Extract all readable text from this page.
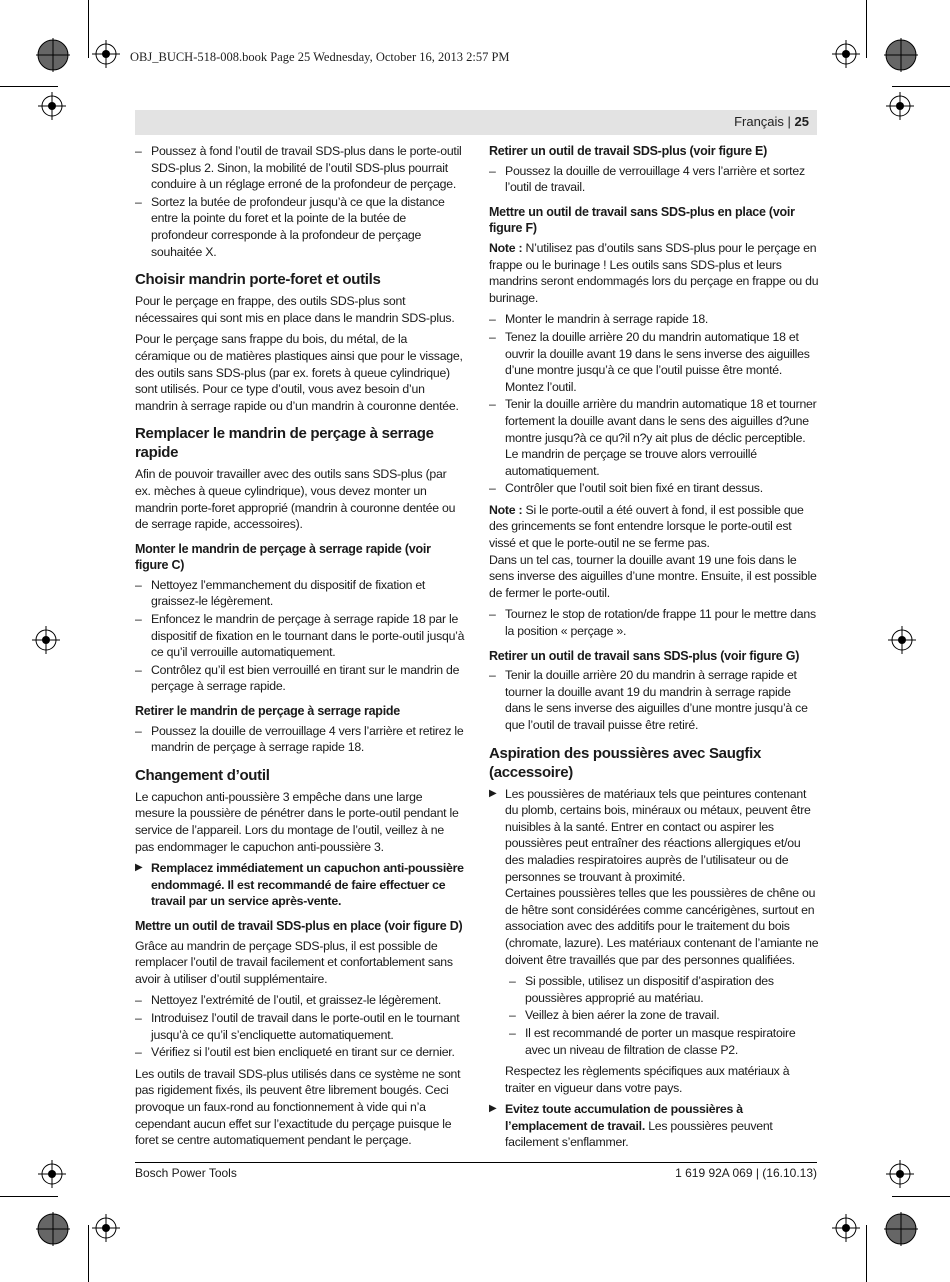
OBJ_BUCH-518-008.book Page 25 Wednesday, October 16, 2013 2:57 PM
Français | 25
– Poussez à fond l’outil de travail SDS-plus dans le porte-outil SDS-plus 2. Sinon, la mobilité de l’outil SDS-plus pourrait conduire à un réglage erroné de la profondeur de perçage.
– Sortez la butée de profondeur jusqu’à ce que la distance entre la pointe du foret et la pointe de la butée de profondeur corresponde à la profondeur de perçage souhaitée X.
Choisir mandrin porte-foret et outils

Pour le perçage en frappe, des outils SDS-plus sont nécessaires qui sont mis en place dans le mandrin SDS-plus.

Pour le perçage sans frappe du bois, du métal, de la céramique ou de matières plastiques ainsi que pour le vissage, des outils sans SDS-plus (par ex. forets à queue cylindrique) sont utilisés. Pour ce type d’outil, vous avez besoin d’un mandrin à serrage rapide ou d’un mandrin à couronne dentée.

Remplacer le mandrin de perçage à serrage rapide

Afin de pouvoir travailler avec des outils sans SDS-plus (par ex. mèches à queue cylindrique), vous devez monter un mandrin porte-foret approprié (mandrin à couronne dentée ou de serrage rapide, accessoires).

Monter le mandrin de perçage à serrage rapide (voir figure C)
– Nettoyez l’emmanchement du dispositif de fixation et graissez-le légèrement.
– Enfoncez le mandrin de perçage à serrage rapide 18 par le dispositif de fixation en le tournant dans le porte-outil jusqu’à ce qu’il verrouille automatiquement.
– Contrôlez qu’il est bien verrouillé en tirant sur le mandrin de perçage à serrage rapide.
Retirer le mandrin de perçage à serrage rapide
– Poussez la douille de verrouillage 4 vers l’arrière et retirez le mandrin de perçage à serrage rapide 18.
Changement d’outil

Le capuchon anti-poussière 3 empêche dans une large mesure la poussière de pénétrer dans le porte-outil pendant le service de l’appareil. Lors du montage de l’outil, veillez à ne pas endommager le capuchon anti-poussière 3.

▶ Remplacez immédiatement un capuchon anti-poussière endommagé. Il est recommandé de faire effectuer ce travail par un service après-vente.
Mettre un outil de travail SDS-plus en place (voir figure D)

Grâce au mandrin de perçage SDS-plus, il est possible de remplacer l’outil de travail facilement et confortablement sans avoir à utiliser d’outil supplémentaire.

– Nettoyez l’extrémité de l’outil, et graissez-le légèrement.
– Introduisez l’outil de travail dans le porte-outil en le tournant jusqu’à ce qu’il s’encliquette automatiquement.
– Vérifiez si l’outil est bien encliqueté en tirant sur ce dernier.

Les outils de travail SDS-plus utilisés dans ce système ne sont pas rigidement fixés, ils peuvent être librement bougés. Ceci provoque un faux-rond au fonctionnement à vide qui n’a cependant aucun effet sur l’exactitude du perçage puisque le foret se centre automatiquement pendant le perçage.

Retirer un outil de travail SDS-plus (voir figure E)
– Poussez la douille de verrouillage 4 vers l’arrière et sortez l’outil de travail.
Mettre un outil de travail sans SDS-plus en place (voir figure F)

Note : N’utilisez pas d’outils sans SDS-plus pour le perçage en frappe ou le burinage ! Les outils sans SDS-plus et leurs mandrins seront endommagés lors du perçage en frappe ou du burinage.

– Monter le mandrin à serrage rapide 18.
– Tenez la douille arrière 20 du mandrin automatique 18 et ouvrir la douille avant 19 dans le sens inverse des aiguilles d’une montre jusqu’à ce que l’outil puisse être monté. Montez l’outil.
– Tenir la douille arrière du mandrin automatique 18 et tourner fortement la douille avant dans le sens des aiguilles d?une montre jusqu?à ce qu?il n?y ait plus de déclic perceptible. Le mandrin de perçage se trouve alors verrouillé automatiquement.
– Contrôler que l’outil soit bien fixé en tirant dessus.

Note : Si le porte-outil a été ouvert à fond, il est possible que des grincements se font entendre lorsque le porte-outil est vissé et que le porte-outil ne se ferme pas.

Dans un tel cas, tourner la douille avant 19 une fois dans le sens inverse des aiguilles d’une montre. Ensuite, il est possible de fermer le porte-outil.

– Tournez le stop de rotation/de frappe 11 pour le mettre dans la position « perçage ».
Retirer un outil de travail sans SDS-plus (voir figure G)
– Tenir la douille arrière 20 du mandrin à serrage rapide et tourner la douille avant 19 du mandrin à serrage rapide dans le sens inverse des aiguilles d’une montre jusqu’à ce que l’outil de travail puisse être retiré.
Aspiration des poussières avec Saugfix (accessoire)
▶ Les poussières de matériaux tels que peintures contenant du plomb, certains bois, minéraux ou métaux, peuvent être nuisibles à la santé. Entrer en contact ou aspirer les poussières peut entraîner des réactions allergiques et/ou des maladies respiratoires auprès de l’utilisateur ou de personnes se trouvant à proximité.
Certaines poussières telles que les poussières de chêne ou de hêtre sont considérées comme cancérigènes, surtout en association avec des additifs pour le traitement du bois (chromate, lazure). Les matériaux contenant de l’amiante ne doivent être travaillés que par des personnes qualifiées.
– Si possible, utilisez un dispositif d’aspiration des poussières approprié au matériau.
– Veillez à bien aérer la zone de travail.
– Il est recommandé de porter un masque respiratoire avec un niveau de filtration de classe P2.

Respectez les règlements spécifiques aux matériaux à traiter en vigueur dans votre pays.

▶ Evitez toute accumulation de poussières à l’emplacement de travail. Les poussières peuvent facilement s’enflammer.
Bosch Power Tools	1 619 92A 069 | (16.10.13)
